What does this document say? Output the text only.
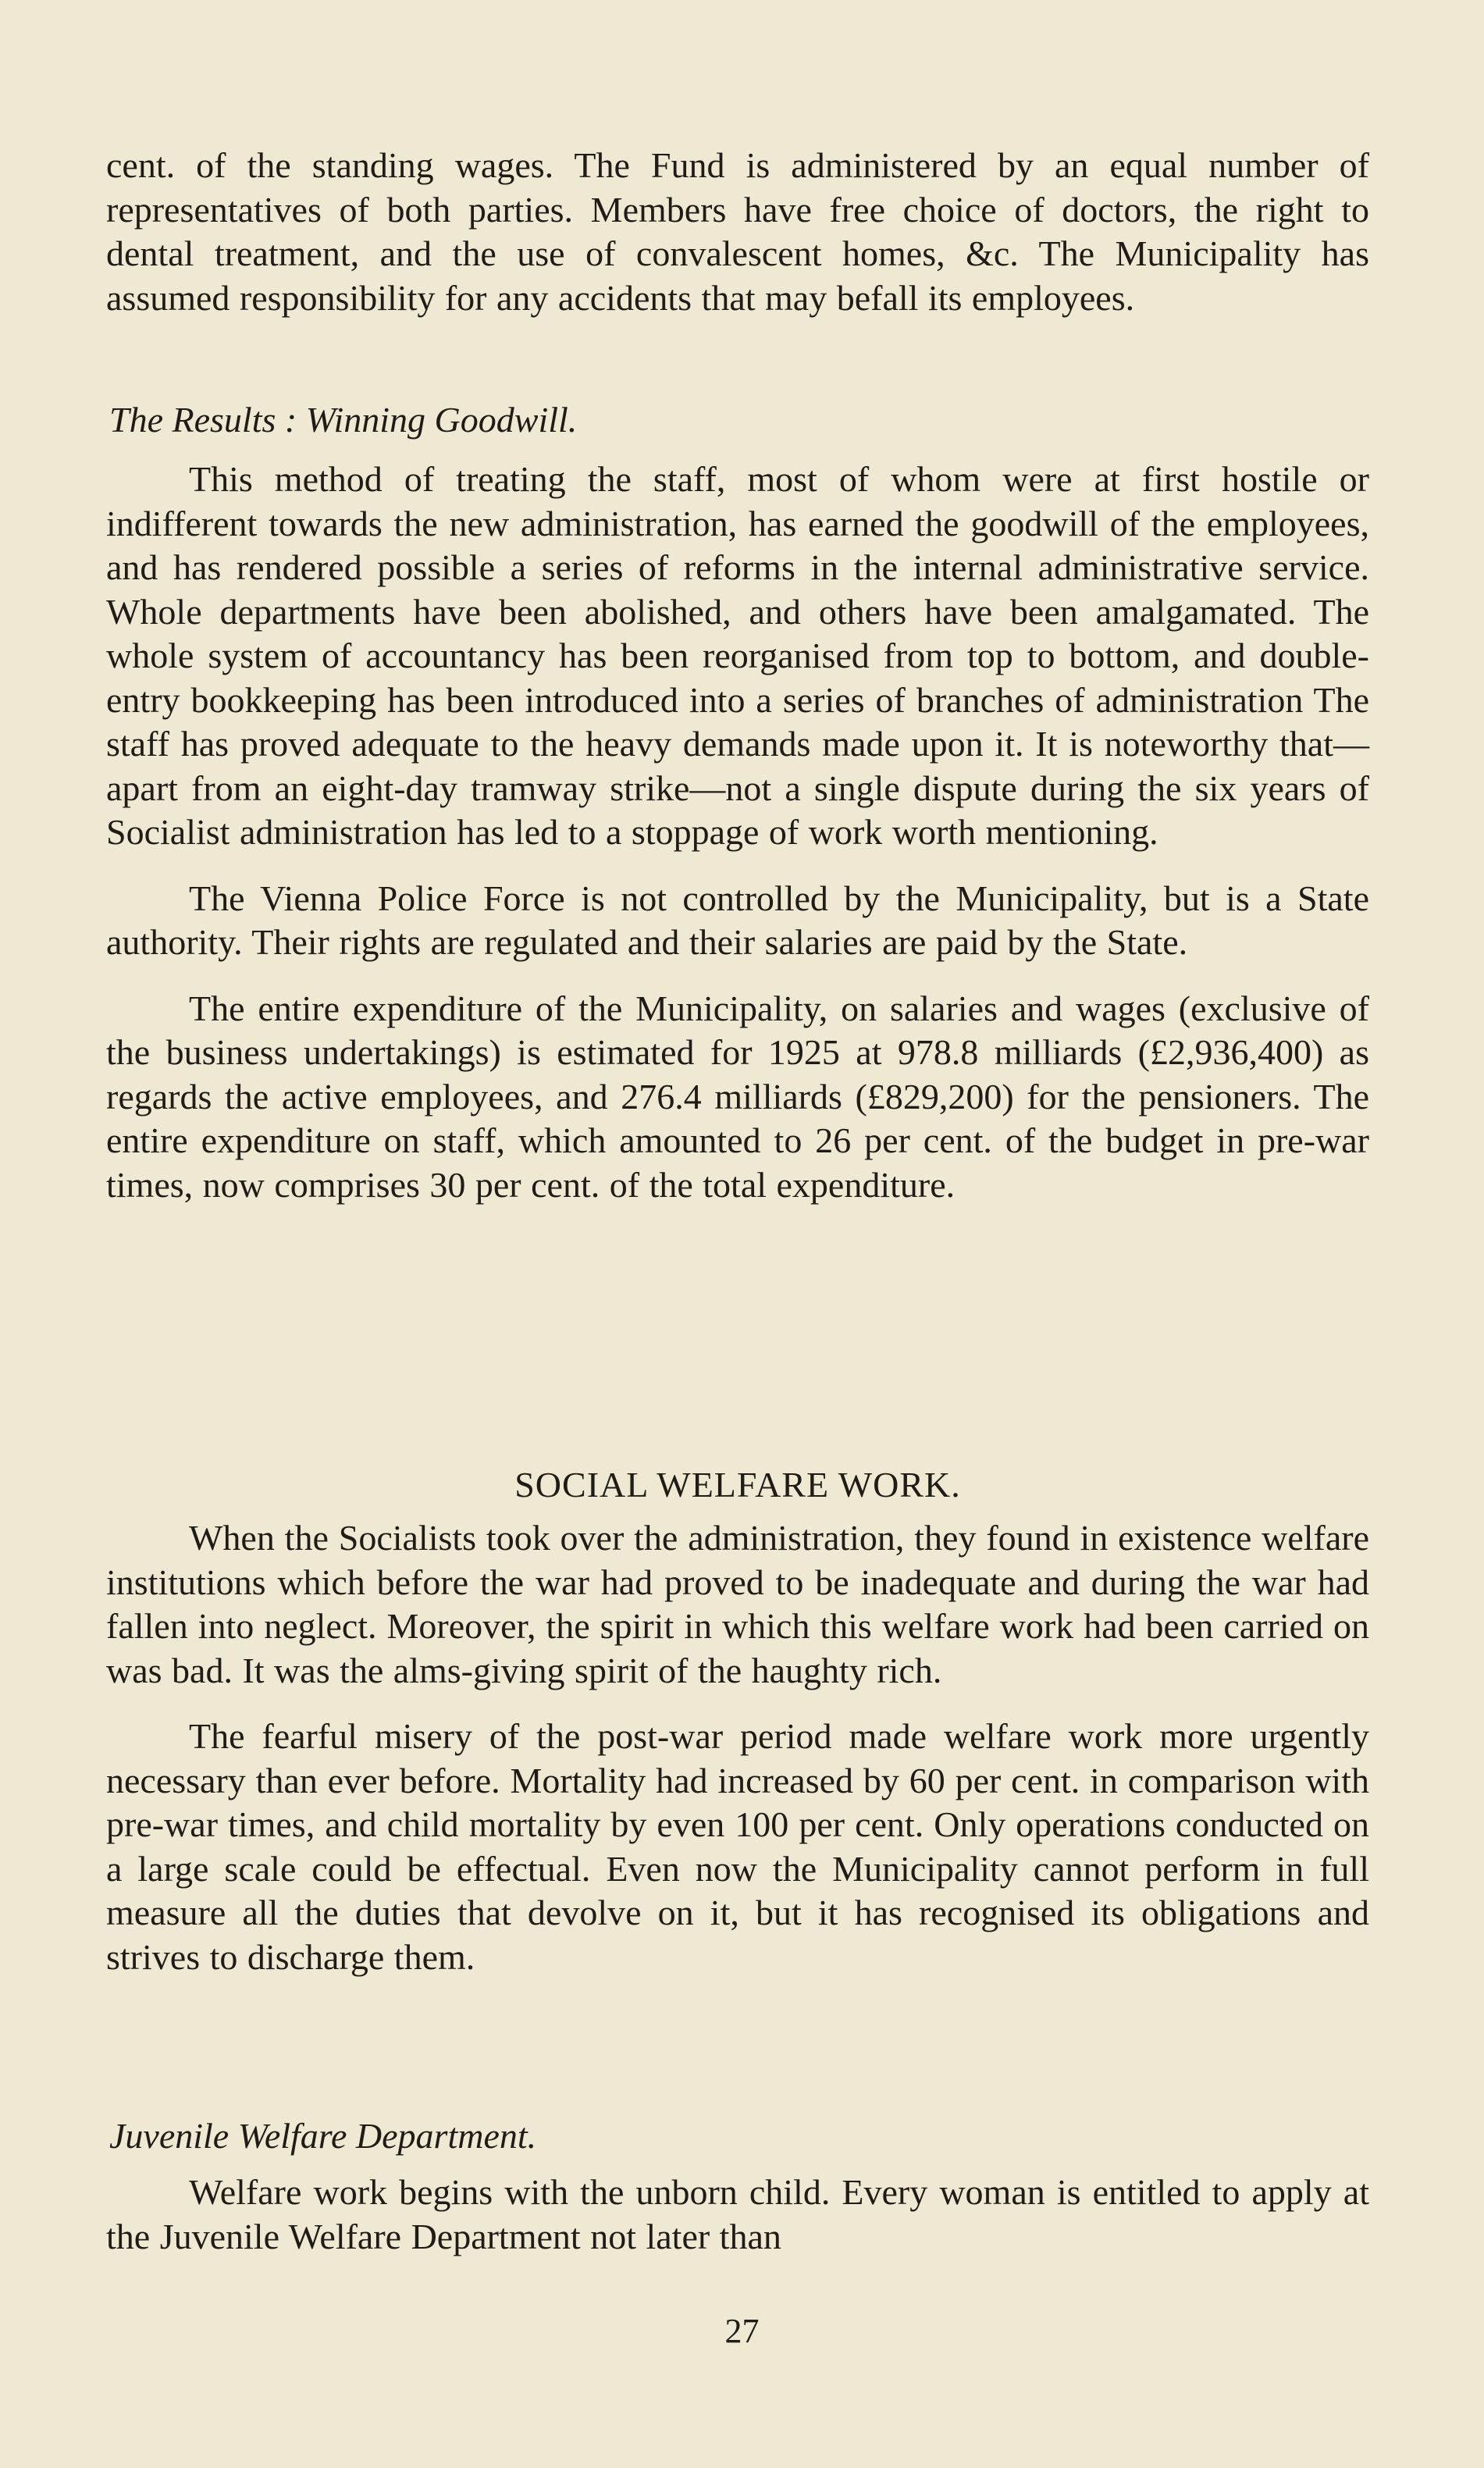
cent. of the standing wages. The Fund is administered by an equal number of representatives of both parties. Members have free choice of doctors, the right to dental treatment, and the use of convalescent homes, &c. The Municipality has assumed responsibility for any accidents that may befall its employees.

The Results : Winning Goodwill.

This method of treating the staff, most of whom were at first hostile or indifferent towards the new administration, has earned the goodwill of the employees, and has rendered possible a series of reforms in the internal administrative service. Whole departments have been abolished, and others have been amalgamated. The whole system of accountancy has been reorganised from top to bottom, and double-entry bookkeeping has been introduced into a series of branches of administration The staff has proved adequate to the heavy demands made upon it. It is noteworthy that—apart from an eight-day tramway strike—not a single dispute during the six years of Socialist administration has led to a stoppage of work worth mentioning.

The Vienna Police Force is not controlled by the Municipality, but is a State authority. Their rights are regulated and their salaries are paid by the State.

The entire expenditure of the Municipality, on salaries and wages (exclusive of the business undertakings) is estimated for 1925 at 978.8 milliards (£2,936,400) as regards the active employees, and 276.4 milliards (£829,200) for the pensioners. The entire expenditure on staff, which amounted to 26 per cent. of the budget in pre-war times, now comprises 30 per cent. of the total expenditure.

SOCIAL WELFARE WORK.

When the Socialists took over the administration, they found in existence welfare institutions which before the war had proved to be inadequate and during the war had fallen into neglect. Moreover, the spirit in which this welfare work had been carried on was bad. It was the alms-giving spirit of the haughty rich.

The fearful misery of the post-war period made welfare work more urgently necessary than ever before. Mortality had increased by 60 per cent. in comparison with pre-war times, and child mortality by even 100 per cent. Only operations conducted on a large scale could be effectual. Even now the Municipality cannot perform in full measure all the duties that devolve on it, but it has recognised its obligations and strives to discharge them.

Juvenile Welfare Department.

Welfare work begins with the unborn child. Every woman is entitled to apply at the Juvenile Welfare Department not later than

27
